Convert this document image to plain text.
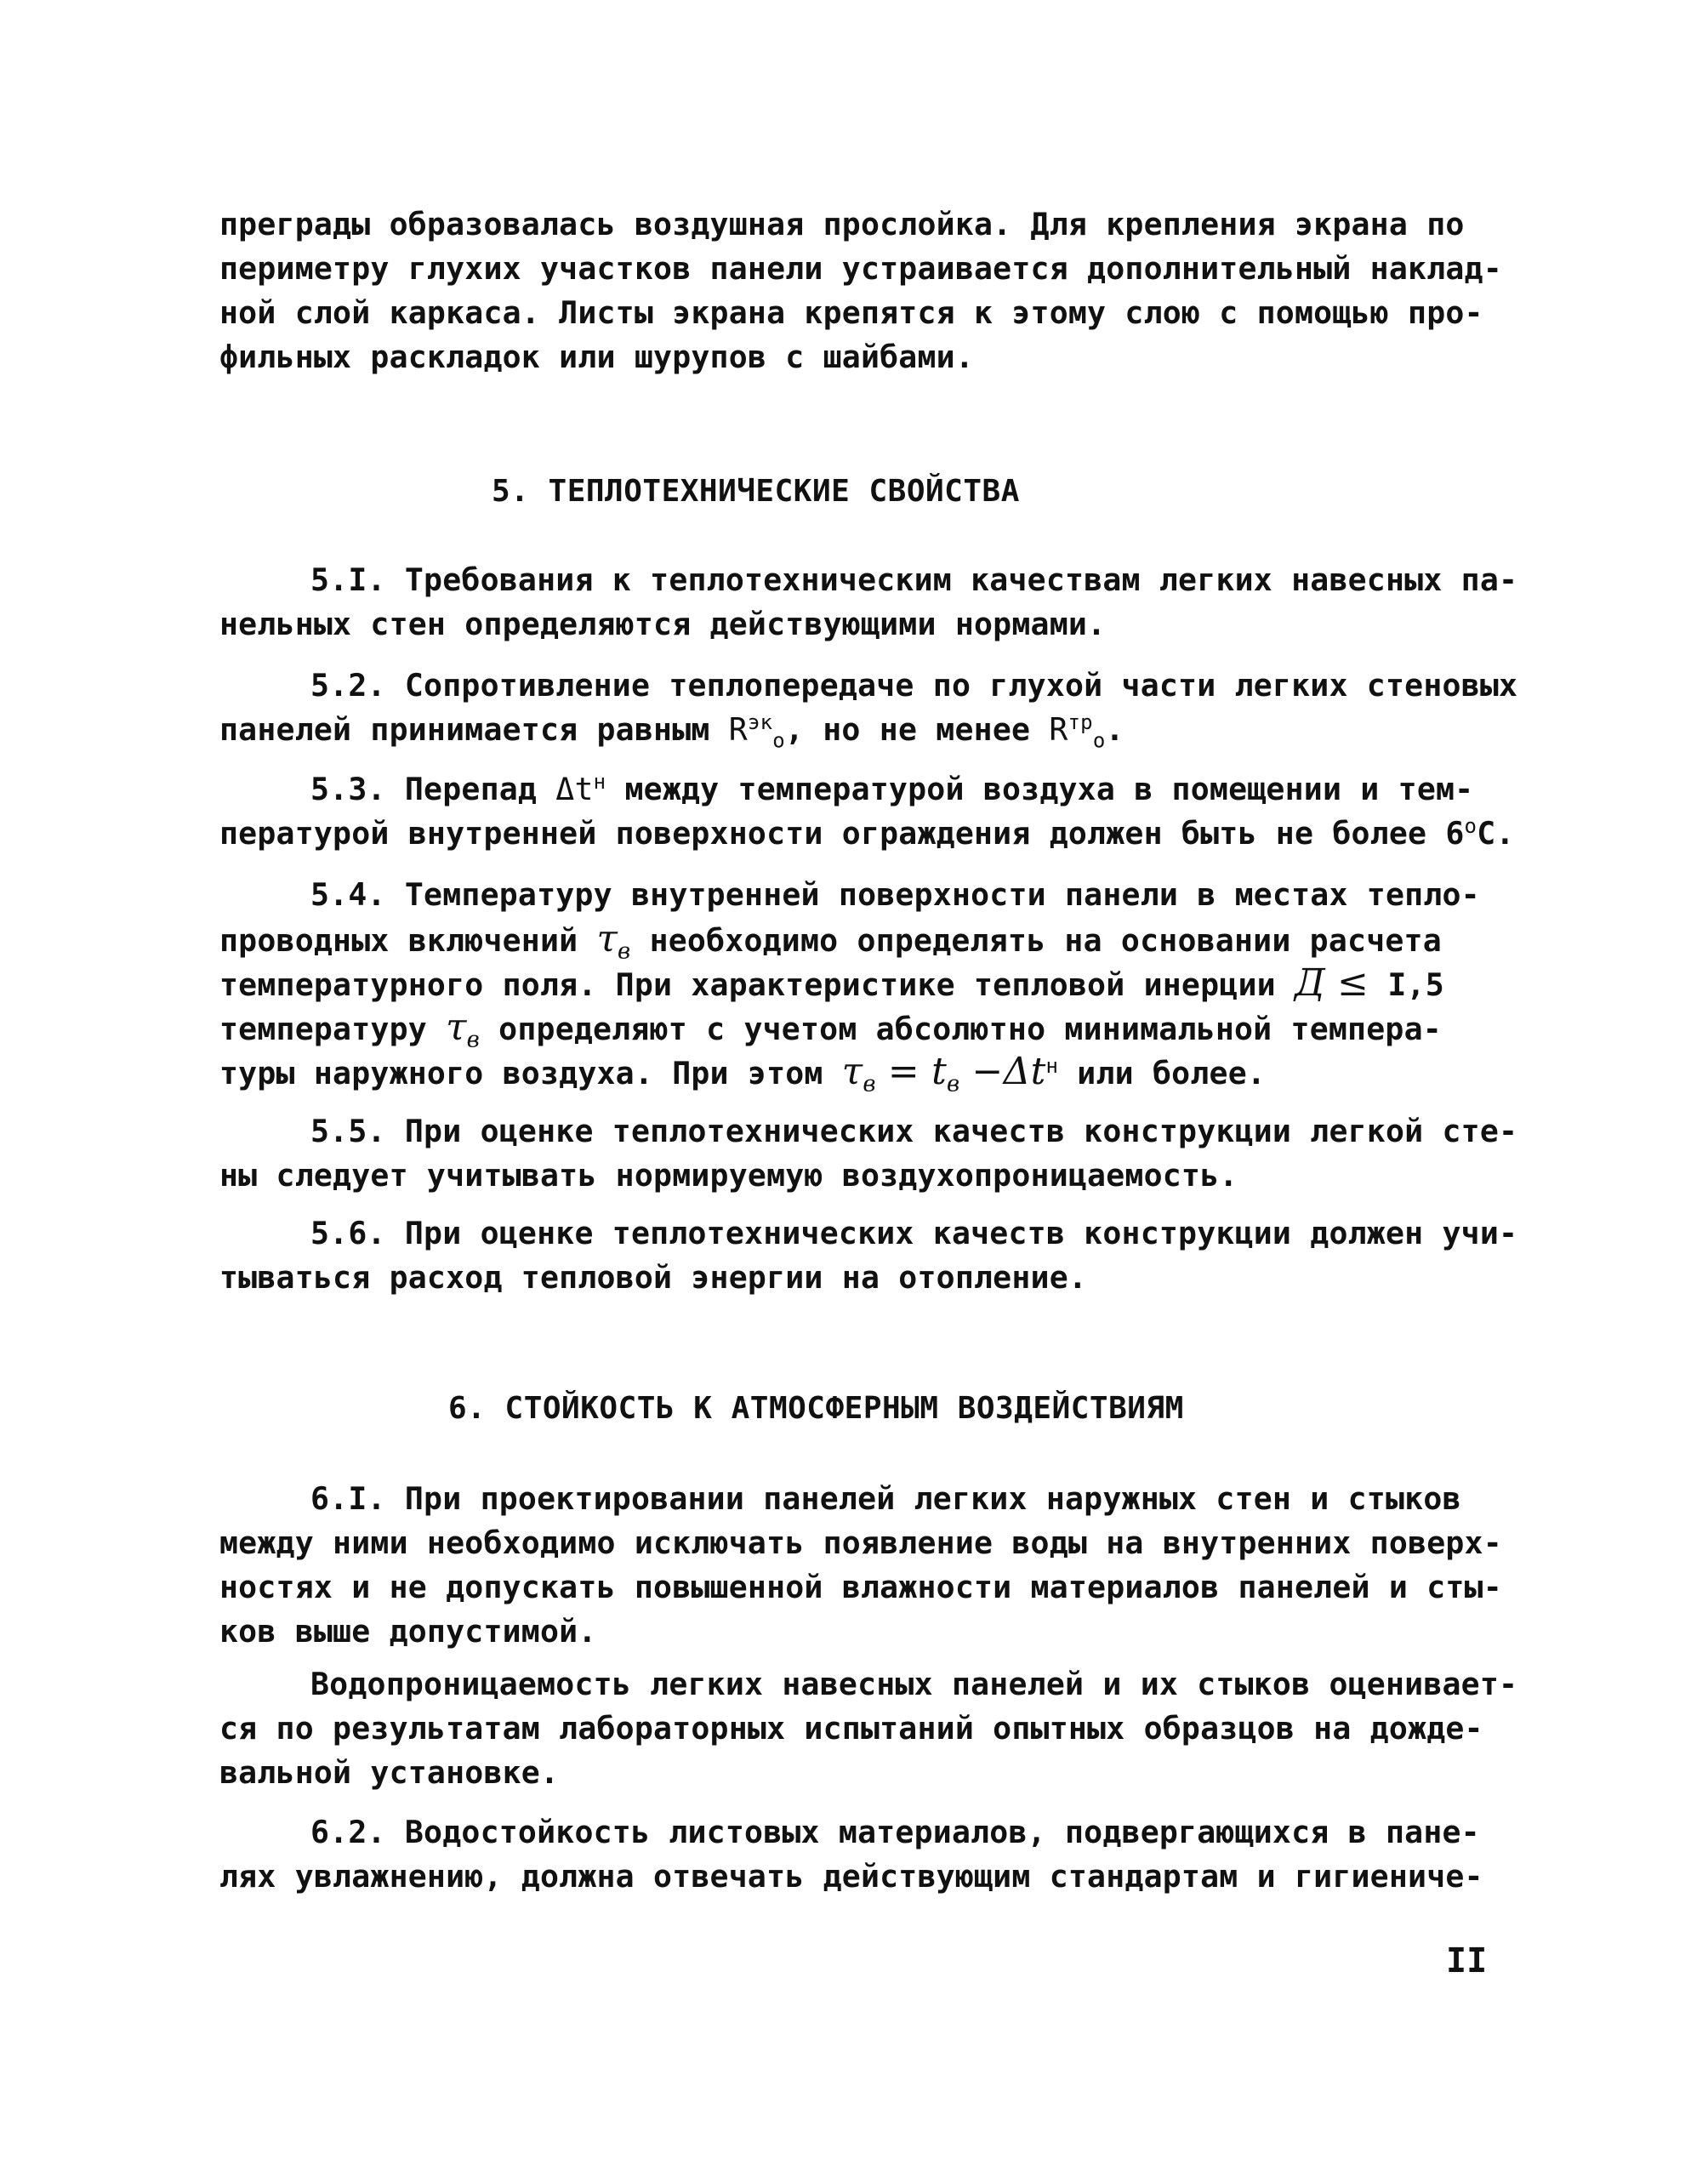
преграды образовалась воздушная прослойка. Для крепления экрана по
периметру глухих участков панели устраивается дополнительный наклад-
ной слой каркаса. Листы экрана крепятся к этому слою с помощью про-
фильных раскладок или шурупов с шайбами.
5. ТЕПЛОТЕХНИЧЕСКИЕ СВОЙСТВА
5.I. Требования к теплотехническим качествам легких навесных па-
нельных стен определяются действующими нормами.
5.2. Сопротивление теплопередаче по глухой части легких стеновых
панелей принимается равным $R^{эк}_о$, но не менее $R^{тр}_о$.
5.3. Перепад $\Delta t^н$ между температурой воздуха в помещении и тем-
пературой внутренней поверхности ограждения должен быть не более $6^оС$.
5.4. Температуру внутренней поверхности панели в местах тепло-
проводных включений $\tau_в$ необходимо определять на основании расчета
температурного поля. При характеристике тепловой инерции Д ≤ I,5
температуру $\tau_в$ определяют с учетом абсолютно минимальной темпера-
туры наружного воздуха. При этом $\tau_в = t_в -\Delta t^н$ или более.
5.5. При оценке теплотехнических качеств конструкции легкой сте-
ны следует учитывать нормируемую воздухопроницаемость.
5.6. При оценке теплотехнических качеств конструкции должен учи-
тываться расход тепловой энергии на отопление.
6. СТОЙКОСТЬ К АТМОСФЕРНЫМ ВОЗДЕЙСТВИЯМ
6.I. При проектировании панелей легких наружных стен и стыков
между ними необходимо исключать появление воды на внутренних поверх-
ностях и не допускать повышенной влажности материалов панелей и сты-
ков выше допустимой.
Водопроницаемость легких навесных панелей и их стыков оценивает-
ся по результатам лабораторных испытаний опытных образцов на дожде-
вальной установке.
6.2. Водостойкость листовых материалов, подвергающихся в пане-
лях увлажнению, должна отвечать действующим стандартам и гигиениче-
II
